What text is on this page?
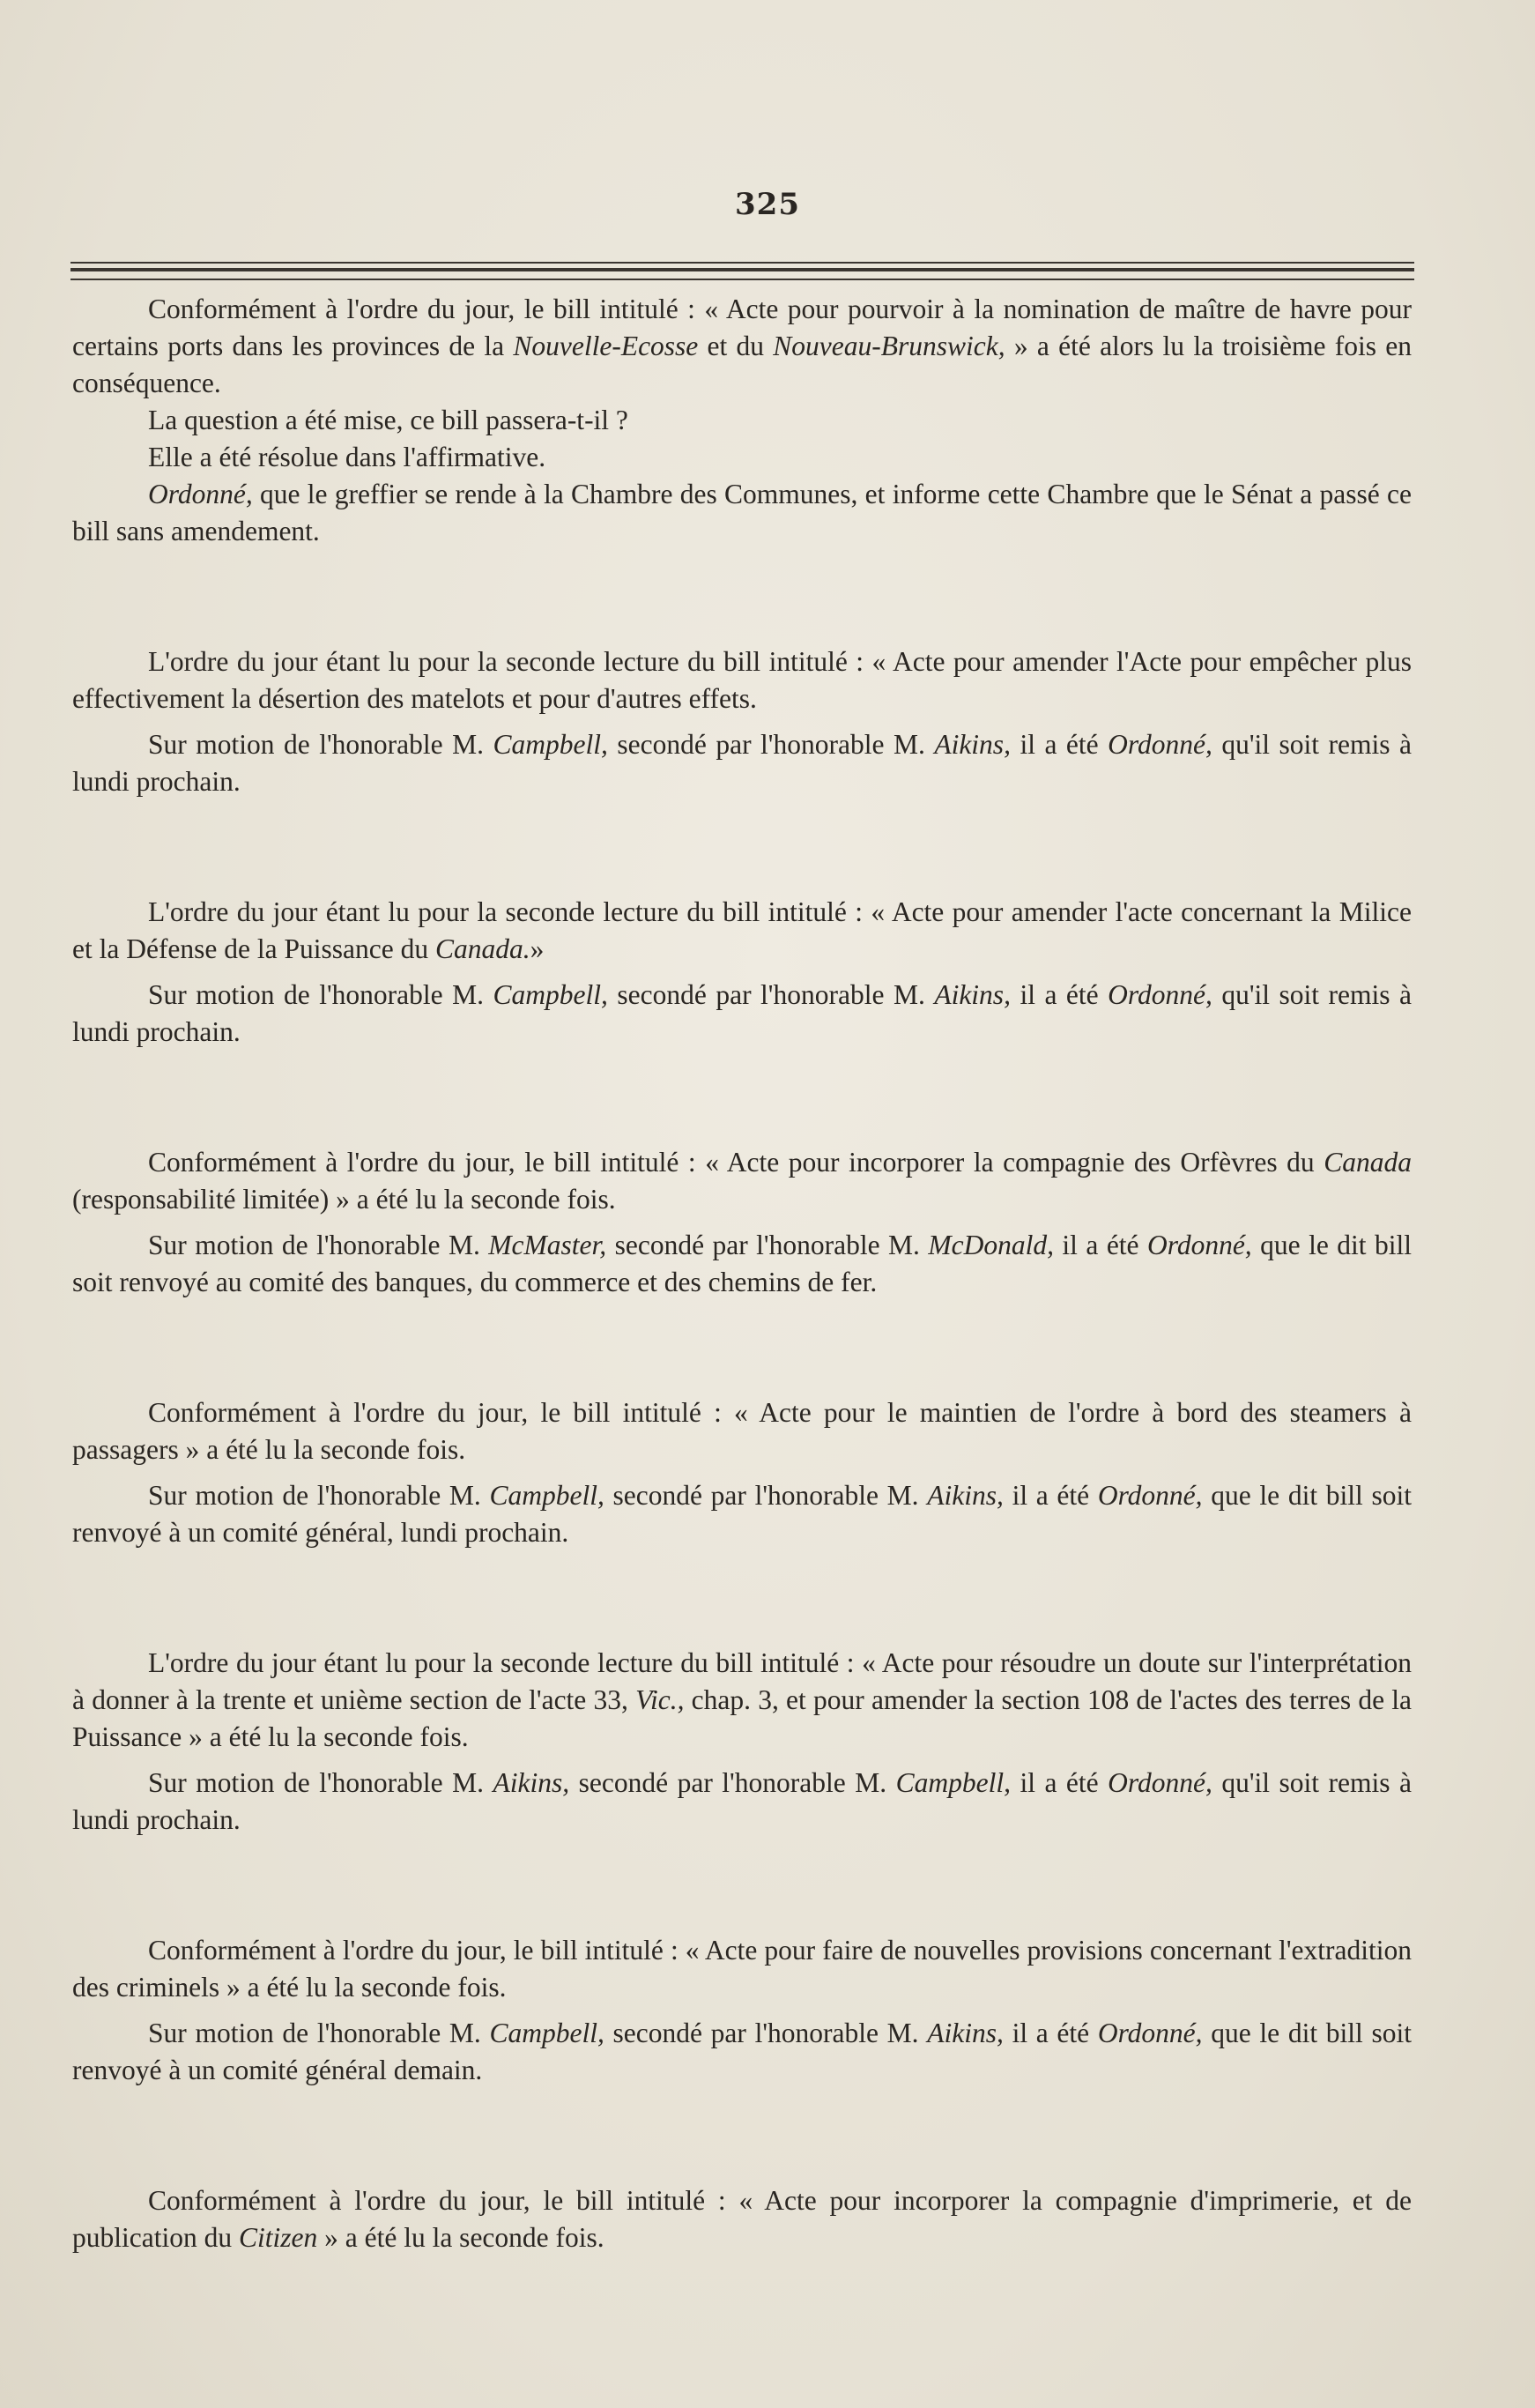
325

Conformément à l'ordre du jour, le bill intitulé : « Acte pour pourvoir à la nomination de maître de havre pour certains ports dans les provinces de la Nouvelle-Ecosse et du Nouveau-Brunswick, » a été alors lu la troisième fois en conséquence.

La question a été mise, ce bill passera-t-il ?

Elle a été résolue dans l'affirmative.

Ordonné, que le greffier se rende à la Chambre des Communes, et informe cette Chambre que le Sénat a passé ce bill sans amendement.

L'ordre du jour étant lu pour la seconde lecture du bill intitulé : « Acte pour amender l'Acte pour empêcher plus effectivement la désertion des matelots et pour d'autres effets.

Sur motion de l'honorable M. Campbell, secondé par l'honorable M. Aikins, il a été Ordonné, qu'il soit remis à lundi prochain.

L'ordre du jour étant lu pour la seconde lecture du bill intitulé : « Acte pour amender l'acte concernant la Milice et la Défense de la Puissance du Canada.»

Sur motion de l'honorable M. Campbell, secondé par l'honorable M. Aikins, il a été Ordonné, qu'il soit remis à lundi prochain.

Conformément à l'ordre du jour, le bill intitulé : « Acte pour incorporer la compagnie des Orfèvres du Canada (responsabilité limitée) » a été lu la seconde fois.

Sur motion de l'honorable M. McMaster, secondé par l'honorable M. McDonald, il a été Ordonné, que le dit bill soit renvoyé au comité des banques, du commerce et des chemins de fer.

Conformément à l'ordre du jour, le bill intitulé : « Acte pour le maintien de l'ordre à bord des steamers à passagers » a été lu la seconde fois.

Sur motion de l'honorable M. Campbell, secondé par l'honorable M. Aikins, il a été Ordonné, que le dit bill soit renvoyé à un comité général, lundi prochain.

L'ordre du jour étant lu pour la seconde lecture du bill intitulé : « Acte pour résoudre un doute sur l'interprétation à donner à la trente et unième section de l'acte 33, Vic., chap. 3, et pour amender la section 108 de l'actes des terres de la Puissance » a été lu la seconde fois.

Sur motion de l'honorable M. Aikins, secondé par l'honorable M. Campbell, il a été Ordonné, qu'il soit remis à lundi prochain.

Conformément à l'ordre du jour, le bill intitulé : « Acte pour faire de nouvelles provisions concernant l'extradition des criminels » a été lu la seconde fois.

Sur motion de l'honorable M. Campbell, secondé par l'honorable M. Aikins, il a été Ordonné, que le dit bill soit renvoyé à un comité général demain.

Conformément à l'ordre du jour, le bill intitulé : « Acte pour incorporer la compagnie d'imprimerie, et de publication du Citizen » a été lu la seconde fois.
